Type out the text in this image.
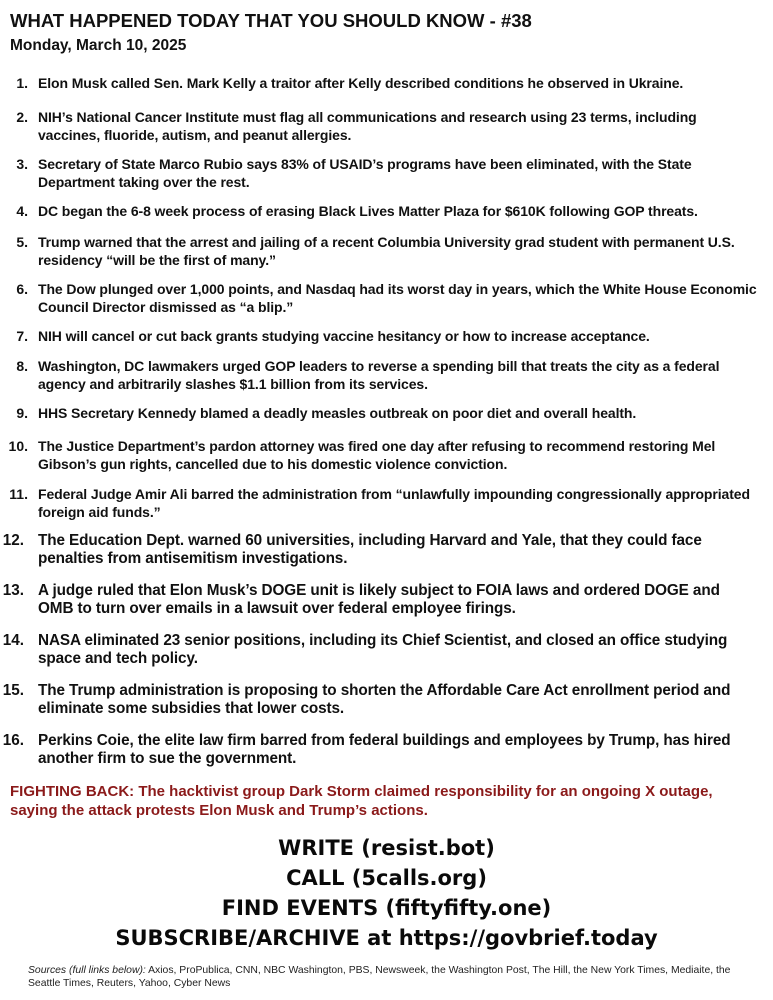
WHAT HAPPENED TODAY THAT YOU SHOULD KNOW - #38
Monday, March 10, 2025
1. Elon Musk called Sen. Mark Kelly a traitor after Kelly described conditions he observed in Ukraine.
2. NIH’s National Cancer Institute must flag all communications and research using 23 terms, including vaccines, fluoride, autism, and peanut allergies.
3. Secretary of State Marco Rubio says 83% of USAID’s programs have been eliminated, with the State Department taking over the rest.
4. DC began the 6-8 week process of erasing Black Lives Matter Plaza for $610K following GOP threats.
5. Trump warned that the arrest and jailing of a recent Columbia University grad student with permanent U.S. residency “will be the first of many.”
6. The Dow plunged over 1,000 points, and Nasdaq had its worst day in years, which the White House Economic Council Director dismissed as “a blip.”
7. NIH will cancel or cut back grants studying vaccine hesitancy or how to increase acceptance.
8. Washington, DC lawmakers urged GOP leaders to reverse a spending bill that treats the city as a federal agency and arbitrarily slashes $1.1 billion from its services.
9. HHS Secretary Kennedy blamed a deadly measles outbreak on poor diet and overall health.
10. The Justice Department’s pardon attorney was fired one day after refusing to recommend restoring Mel Gibson’s gun rights, cancelled due to his domestic violence conviction.
11. Federal Judge Amir Ali barred the administration from “unlawfully impounding congressionally appropriated foreign aid funds.”
12. The Education Dept. warned 60 universities, including Harvard and Yale, that they could face penalties from antisemitism investigations.
13. A judge ruled that Elon Musk’s DOGE unit is likely subject to FOIA laws and ordered DOGE and OMB to turn over emails in a lawsuit over federal employee firings.
14. NASA eliminated 23 senior positions, including its Chief Scientist, and closed an office studying space and tech policy.
15. The Trump administration is proposing to shorten the Affordable Care Act enrollment period and eliminate some subsidies that lower costs.
16. Perkins Coie, the elite law firm barred from federal buildings and employees by Trump, has hired another firm to sue the government.
FIGHTING BACK: The hacktivist group Dark Storm claimed responsibility for an ongoing X outage, saying the attack protests Elon Musk and Trump’s actions.
WRITE (resist.bot)
CALL (5calls.org)
FIND EVENTS (fiftyfifty.one)
SUBSCRIBE/ARCHIVE at https://govbrief.today
Sources (full links below): Axios, ProPublica, CNN, NBC Washington, PBS, Newsweek, the Washington Post, The Hill, the New York Times, Mediaite, the Seattle Times, Reuters, Yahoo, Cyber News
